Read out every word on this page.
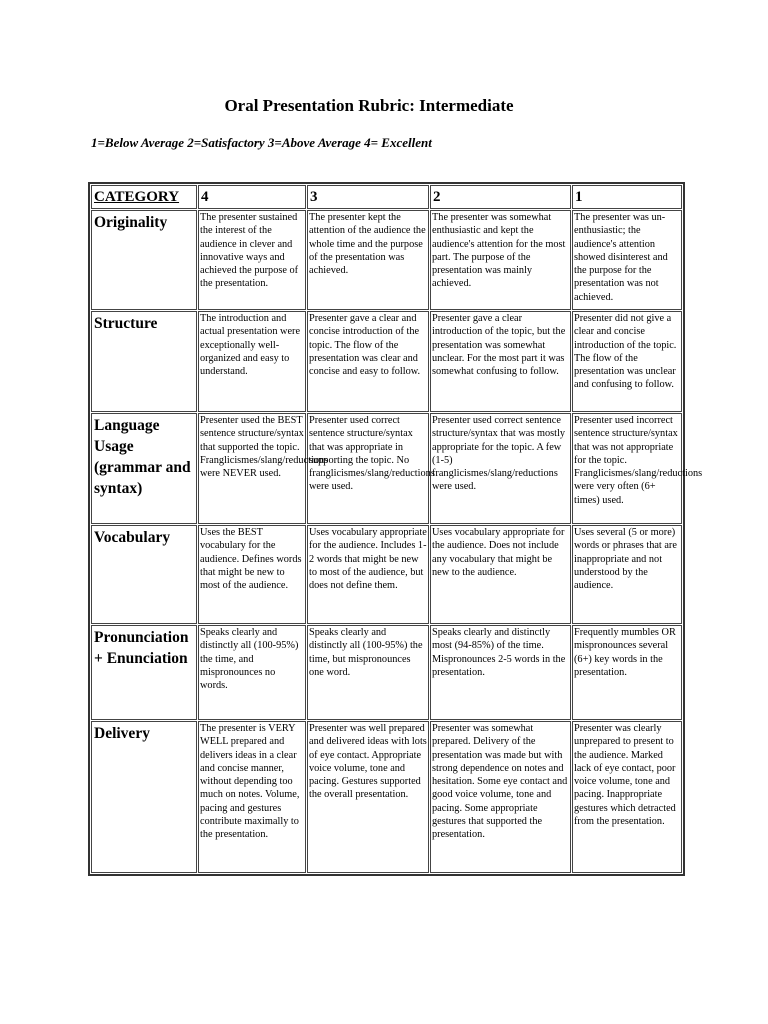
Oral Presentation Rubric: Intermediate
1=Below Average 2=Satisfactory 3=Above Average 4= Excellent
CATEGORY	4	3	2	1
Originality	The presenter sustained the interest of the audience in clever and innovative ways and achieved the purpose of the presentation.	The presenter kept the attention of the audience the whole time and the purpose of the presentation was achieved.	The presenter was somewhat enthusiastic and kept the audience's attention for the most part. The purpose of the presentation was mainly achieved.	The presenter was un-enthusiastic; the audience's attention showed disinterest and the purpose for the presentation was not achieved.
Structure	The introduction and actual presentation were exceptionally well- organized and easy to understand.	Presenter gave a clear and concise introduction of the topic. The flow of the presentation was clear and concise and easy to follow.	Presenter gave a clear introduction of the topic, but the presentation was somewhat unclear. For the most part it was somewhat confusing to follow.	Presenter did not give a clear and concise introduction of the topic. The flow of the presentation was unclear and confusing to follow.
Language Usage (grammar and syntax)	Presenter used the BEST sentence structure/syntax that supported the topic. Franglicismes/slang/reductions were NEVER used.	Presenter used correct sentence structure/syntax that was appropriate in supporting the topic. No franglicismes/slang/reductions were used.	Presenter used correct sentence structure/syntax that was mostly appropriate for the topic. A few (1-5) franglicismes/slang/reductions were used.	Presenter used incorrect sentence structure/syntax that was not appropriate for the topic. Franglicismes/slang/reductions were very often (6+ times) used.
Vocabulary	Uses the BEST vocabulary for the audience. Defines words that might be new to most of the audience.	Uses vocabulary appropriate for the audience. Includes 1-2 words that might be new to most of the audience, but does not define them.	Uses vocabulary appropriate for the audience. Does not include any vocabulary that might be new to the audience.	Uses several (5 or more) words or phrases that are inappropriate and not understood by the audience.
Pronunciation + Enunciation	Speaks clearly and distinctly all (100-95%) the time, and mispronounces no words.	Speaks clearly and distinctly all (100-95%) the time, but mispronounces one word.	Speaks clearly and distinctly most (94-85%) of the time. Mispronounces 2-5 words in the presentation.	Frequently mumbles OR mispronounces several (6+) key words in the presentation.
Delivery	The presenter is VERY WELL prepared and delivers ideas in a clear and concise manner, without depending too much on notes. Volume, pacing and gestures contribute maximally to the presentation.	Presenter was well prepared and delivered ideas with lots of eye contact. Appropriate voice volume, tone and pacing. Gestures supported the overall presentation.	Presenter was somewhat prepared. Delivery of the presentation was made but with strong dependence on notes and hesitation. Some eye contact and good voice volume, tone and pacing. Some appropriate gestures that supported the presentation.	Presenter was clearly unprepared to present to the audience. Marked lack of eye contact, poor voice volume, tone and pacing. Inappropriate gestures which detracted from the presentation.
